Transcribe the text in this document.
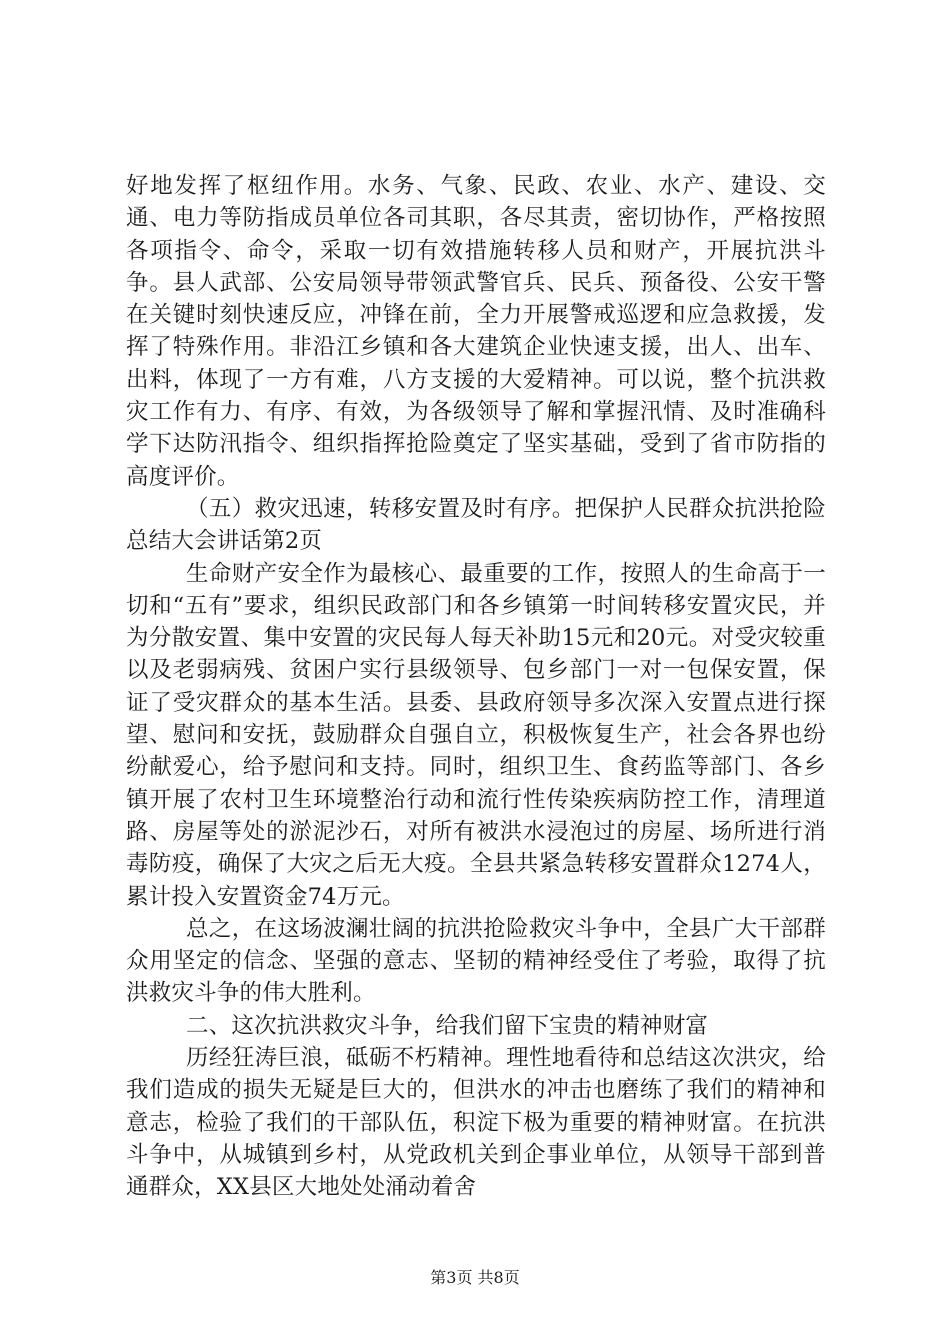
好地发挥了枢纽作用。水务、气象、民政、农业、水产、建设、交通、电力等防指成员单位各司其职，各尽其责，密切协作，严格按照各项指令、命令，采取一切有效措施转移人员和财产，开展抗洪斗争。县人武部、公安局领导带领武警官兵、民兵、预备役、公安干警在关键时刻快速反应，冲锋在前，全力开展警戒巡逻和应急救援，发挥了特殊作用。非沿江乡镇和各大建筑企业快速支援，出人、出车、出料，体现了一方有难，八方支援的大爱精神。可以说，整个抗洪救灾工作有力、有序、有效，为各级领导了解和掌握汛情、及时准确科学下达防汛指令、组织指挥抢险奠定了坚实基础，受到了省市防指的高度评价。

（五）救灾迅速，转移安置及时有序。把保护人民群众抗洪抢险总结大会讲话第2页

生命财产安全作为最核心、最重要的工作，按照人的生命高于一切和“五有”要求，组织民政部门和各乡镇第一时间转移安置灾民，并为分散安置、集中安置的灾民每人每天补助15元和20元。对受灾较重以及老弱病残、贫困户实行县级领导、包乡部门一对一包保安置，保证了受灾群众的基本生活。县委、县政府领导多次深入安置点进行探望、慰问和安抚，鼓励群众自强自立，积极恢复生产，社会各界也纷纷献爱心，给予慰问和支持。同时，组织卫生、食药监等部门、各乡镇开展了农村卫生环境整治行动和流行性传染疾病防控工作，清理道路、房屋等处的淤泥沙石，对所有被洪水浸泡过的房屋、场所进行消毒防疫，确保了大灾之后无大疫。全县共紧急转移安置群众1274人，累计投入安置资金74万元。

总之，在这场波澜壮阔的抗洪抢险救灾斗争中，全县广大干部群众用坚定的信念、坚强的意志、坚韧的精神经受住了考验，取得了抗洪救灾斗争的伟大胜利。

二、这次抗洪救灾斗争，给我们留下宝贵的精神财富

历经狂涛巨浪，砥砺不朽精神。理性地看待和总结这次洪灾，给我们造成的损失无疑是巨大的，但洪水的冲击也磨练了我们的精神和意志，检验了我们的干部队伍，积淀下极为重要的精神财富。在抗洪斗争中，从城镇到乡村，从党政机关到企事业单位，从领导干部到普通群众，XX县区大地处处涌动着舍

第3页 共8页
